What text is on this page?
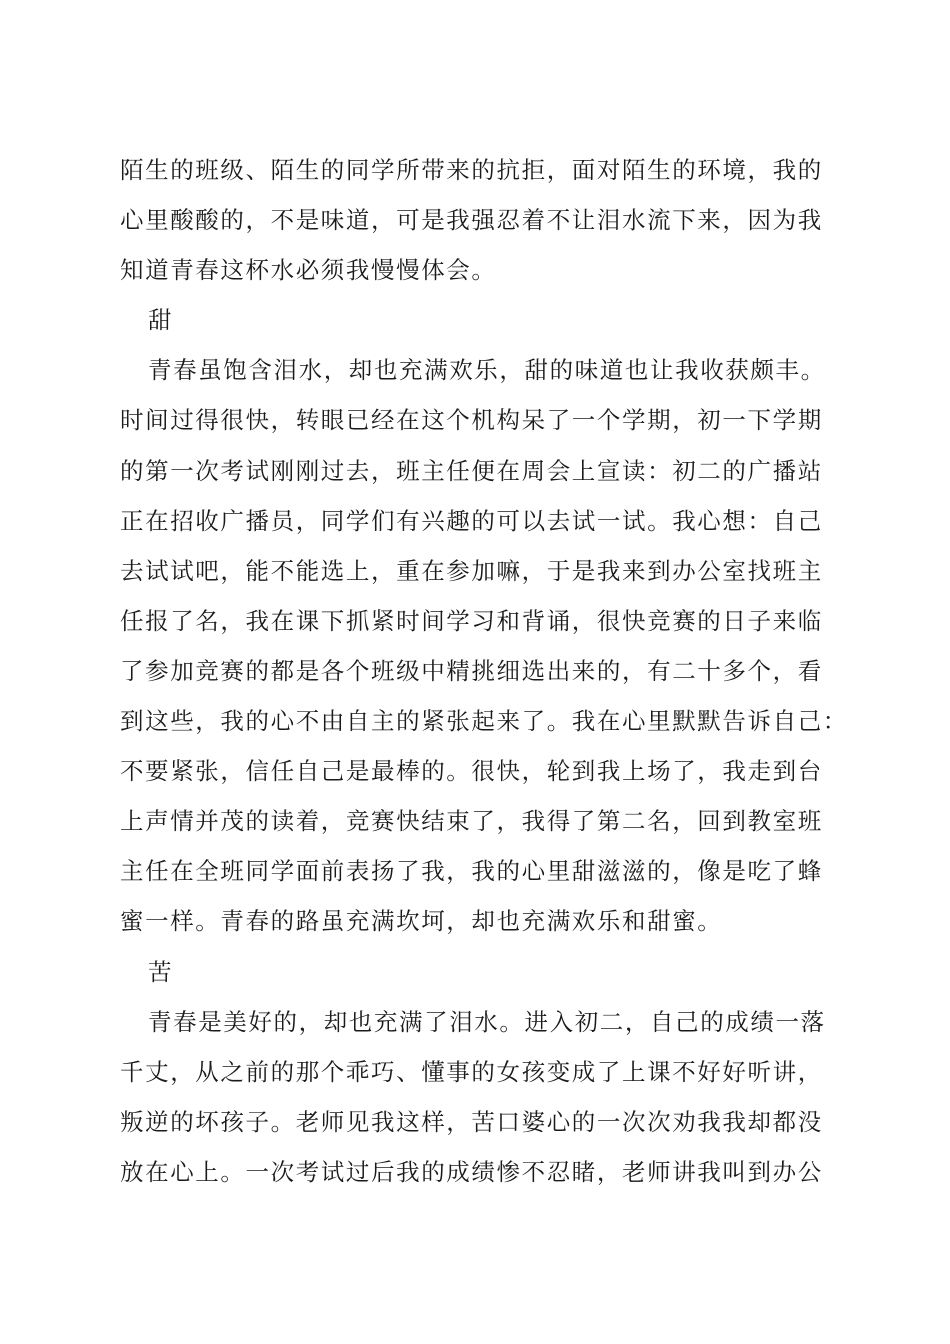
陌生的班级、陌生的同学所带来的抗拒，面对陌生的环境，我的
心里酸酸的，不是味道，可是我强忍着不让泪水流下来，因为我
知道青春这杯水必须我慢慢体会。
甜
青春虽饱含泪水，却也充满欢乐，甜的味道也让我收获颇丰。
时间过得很快，转眼已经在这个机构呆了一个学期，初一下学期
的第一次考试刚刚过去，班主任便在周会上宣读：初二的广播站
正在招收广播员，同学们有兴趣的可以去试一试。我心想：自己
去试试吧，能不能选上，重在参加嘛，于是我来到办公室找班主
任报了名，我在课下抓紧时间学习和背诵，很快竞赛的日子来临
了参加竞赛的都是各个班级中精挑细选出来的，有二十多个，看
到这些，我的心不由自主的紧张起来了。我在心里默默告诉自己：
不要紧张，信任自己是最棒的。很快，轮到我上场了，我走到台
上声情并茂的读着，竞赛快结束了，我得了第二名，回到教室班
主任在全班同学面前表扬了我，我的心里甜滋滋的，像是吃了蜂
蜜一样。青春的路虽充满坎坷，却也充满欢乐和甜蜜。
苦
青春是美好的，却也充满了泪水。进入初二，自己的成绩一落
千丈，从之前的那个乖巧、懂事的女孩变成了上课不好好听讲，
叛逆的坏孩子。老师见我这样，苦口婆心的一次次劝我我却都没
放在心上。一次考试过后我的成绩惨不忍睹，老师讲我叫到办公
